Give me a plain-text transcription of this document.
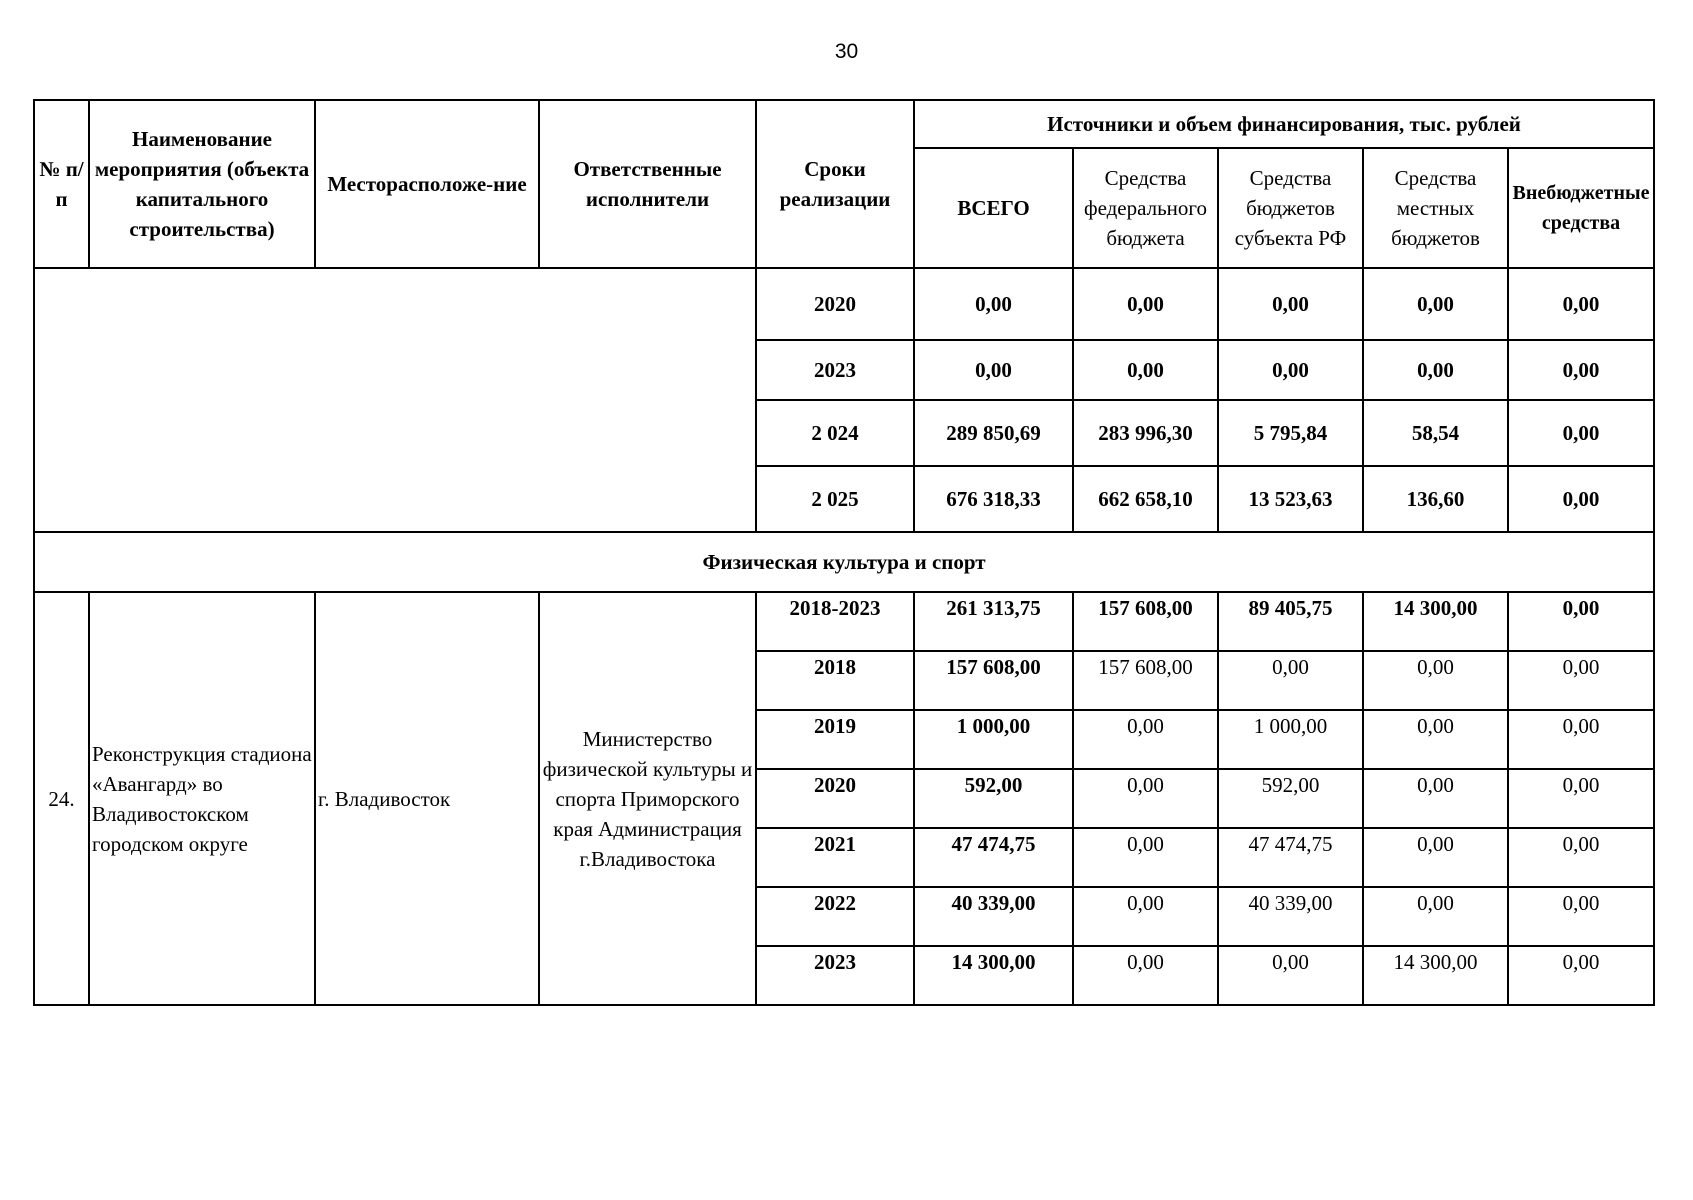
30
№ п/п	Наименование мероприятия (объекта капитального строительства)	Месторасположе-ние	Ответственные исполнители	Сроки реализации	Источники и объем финансирования, тыс. рублей				
					ВСЕГО	Средства федерального бюджета	Средства бюджетов субъекта РФ	Средства местных бюджетов	Внебюджетные средства
				2020	0,00	0,00	0,00	0,00	0,00
				2023	0,00	0,00	0,00	0,00	0,00
				2 024	289 850,69	283 996,30	5 795,84	58,54	0,00
				2 025	676 318,33	662 658,10	13 523,63	136,60	0,00
Физическая культура и спорт									
24.	Реконструкция стадиона «Авангард» во Владивостокском городском округе	г. Владивосток	Министерство физической культуры и спорта Приморского края Администрация г.Владивостока	2018-2023	261 313,75	157 608,00	89 405,75	14 300,00	0,00
				2018	157 608,00	157 608,00	0,00	0,00	0,00
				2019	1 000,00	0,00	1 000,00	0,00	0,00
				2020	592,00	0,00	592,00	0,00	0,00
				2021	47 474,75	0,00	47 474,75	0,00	0,00
				2022	40 339,00	0,00	40 339,00	0,00	0,00
				2023	14 300,00	0,00	0,00	14 300,00	0,00
